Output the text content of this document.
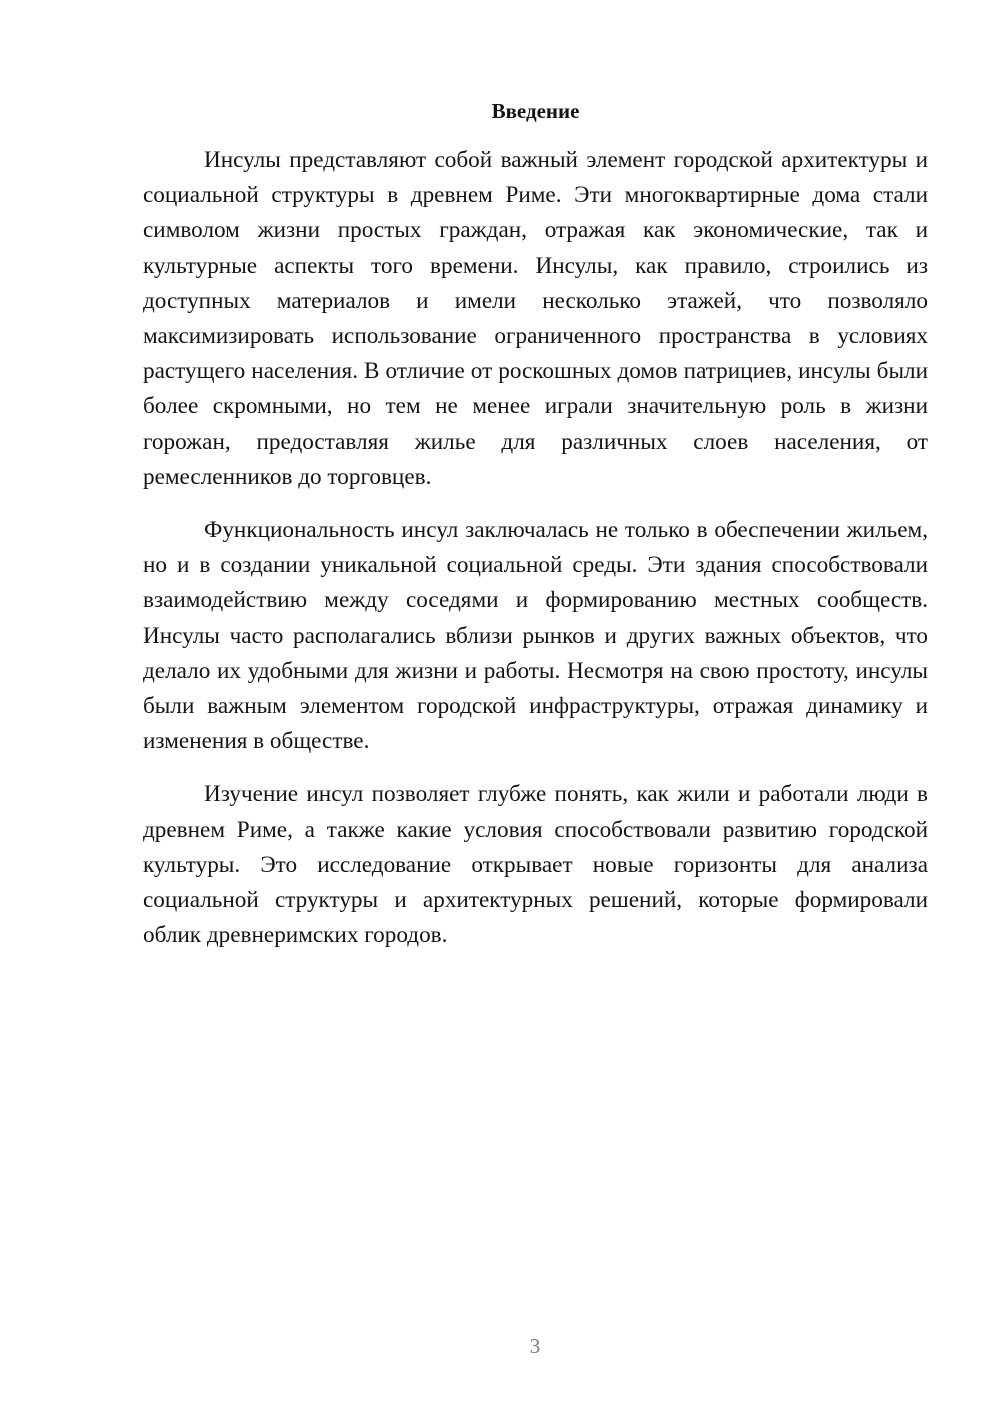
Введение

Инсулы представляют собой важный элемент городской архитектуры и социальной структуры в древнем Риме. Эти многоквартирные дома стали символом жизни простых граждан, отражая как экономические, так и культурные аспекты того времени. Инсулы, как правило, строились из доступных материалов и имели несколько этажей, что позволяло максимизировать использование ограниченного пространства в условиях растущего населения. В отличие от роскошных домов патрициев, инсулы были более скромными, но тем не менее играли значительную роль в жизни горожан, предоставляя жилье для различных слоев населения, от ремесленников до торговцев.

Функциональность инсул заключалась не только в обеспечении жильем, но и в создании уникальной социальной среды. Эти здания способствовали взаимодействию между соседями и формированию местных сообществ. Инсулы часто располагались вблизи рынков и других важных объектов, что делало их удобными для жизни и работы. Несмотря на свою простоту, инсулы были важным элементом городской инфраструктуры, отражая динамику и изменения в обществе.

Изучение инсул позволяет глубже понять, как жили и работали люди в древнем Риме, а также какие условия способствовали развитию городской культуры. Это исследование открывает новые горизонты для анализа социальной структуры и архитектурных решений, которые формировали облик древнеримских городов.

3
